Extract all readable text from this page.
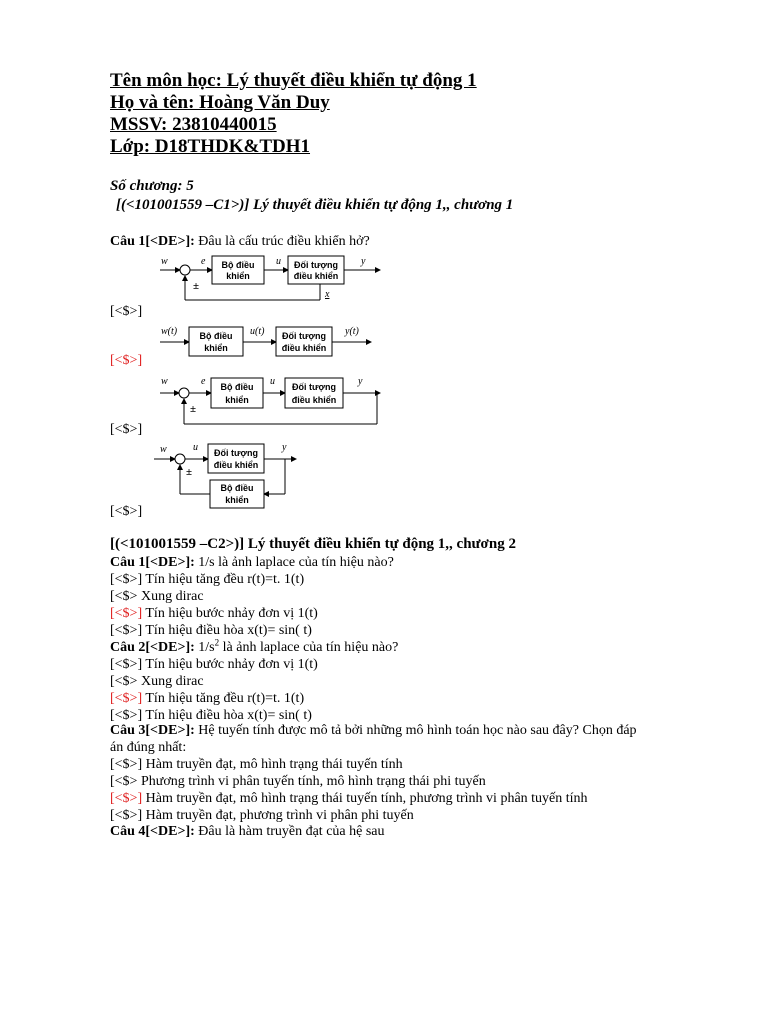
Tên môn học: Lý thuyết điều khiển tự động 1
Họ và tên: Hoàng Văn Duy
MSSV: 23810440015
Lớp: D18THDK&TDH1
Số chương: 5
[(<101001559 –C1>)] Lý thuyết điều khiển tự động 1,, chương 1
Câu 1[<DE>]: Đâu là cấu trúc điều khiển hở?
w
±
e Bộ điều
khiển
u Đối tượng
điều khiển
y
x
[<$>]
w(t) Bộ điều
khiển
u(t) Đối tượng
điều khiển
y(t)
[<$>]
w
±
e Bộ điều
khiển
u Đối tượng
điều khiển
y
[<$>]
w
±
u Đối tượng
điều khiển
y
Bộ điều
khiển
[<$>]
[(<101001559 –C2>)] Lý thuyết điều khiển tự động 1,, chương 2
Câu 1[<DE>]: 1/s là ảnh laplace của tín hiệu nào?
[<$>] Tín hiệu tăng đều r(t)=t. 1(t)
[<$> Xung dirac
[<$>] Tín hiệu bước nhảy đơn vị 1(t)
[<$>] Tín hiệu điều hòa x(t)= sin( t)
Câu 2[<DE>]: $1/s^2$ là ảnh laplace của tín hiệu nào?
[<$>] Tín hiệu bước nhảy đơn vị 1(t)
[<$> Xung dirac
[<$>] Tín hiệu tăng đều r(t)=t. 1(t)
[<$>] Tín hiệu điều hòa x(t)= sin( t)
Câu 3[<DE>]: Hệ tuyến tính được mô tả bởi những mô hình toán học nào sau đây? Chọn đáp
án đúng nhất:
[<$>] Hàm truyền đạt, mô hình trạng thái tuyến tính
[<$> Phương trình vi phân tuyến tính, mô hình trạng thái phi tuyến
[<$>] Hàm truyền đạt, mô hình trạng thái tuyến tính, phương trình vi phân tuyến tính
[<$>] Hàm truyền đạt, phương trình vi phân phi tuyến
Câu 4[<DE>]: Đâu là hàm truyền đạt của hệ sau
